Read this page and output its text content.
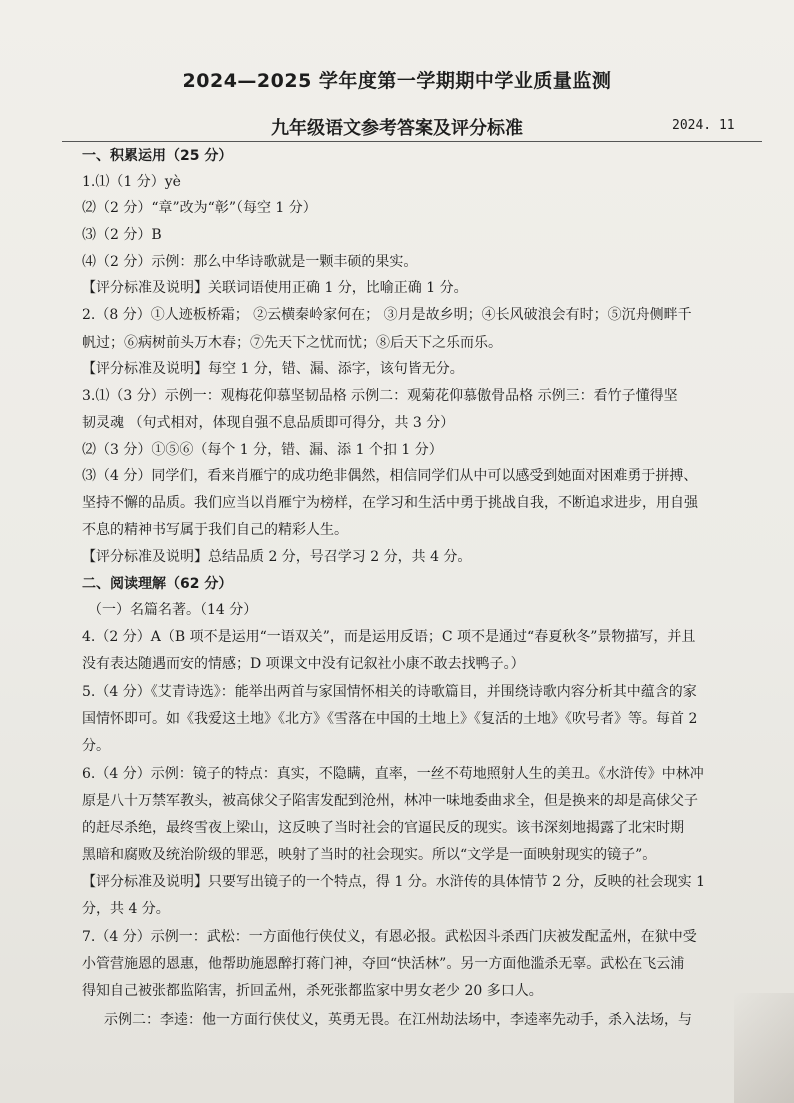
2024—2025 学年度第一学期期中学业质量监测
九年级语文参考答案及评分标准	2024. 11
一、积累运用（25 分）
1.⑴（1 分）yè
⑵（2 分）“章”改为“彰”（每空 1 分）
⑶（2 分）B
⑷（2 分）示例：那么中华诗歌就是一颗丰硕的果实。
【评分标准及说明】关联词语使用正确 1 分，比喻正确 1 分。
2.（8 分）①人迹板桥霜； ②云横秦岭家何在； ③月是故乡明；④长风破浪会有时；⑤沉舟侧畔千
帆过；⑥病树前头万木春；⑦先天下之忧而忧；⑧后天下之乐而乐。
【评分标准及说明】每空 1 分，错、漏、添字，该句皆无分。
3.⑴（3 分）示例一：观梅花仰慕坚韧品格 示例二：观菊花仰慕傲骨品格 示例三：看竹子懂得坚
韧灵魂 （句式相对，体现自强不息品质即可得分，共 3 分）
⑵（3 分）①⑤⑥（每个 1 分，错、漏、添 1 个扣 1 分）
⑶（4 分）同学们，看来肖雁宁的成功绝非偶然，相信同学们从中可以感受到她面对困难勇于拼搏、
坚持不懈的品质。我们应当以肖雁宁为榜样，在学习和生活中勇于挑战自我，不断追求进步，用自强
不息的精神书写属于我们自己的精彩人生。
【评分标准及说明】总结品质 2 分，号召学习 2 分，共 4 分。
二、阅读理解（62 分）
（一）名篇名著。（14 分）
4.（2 分）A（B 项不是运用“一语双关”，而是运用反语；C 项不是通过“春夏秋冬”景物描写，并且
没有表达随遇而安的情感；D 项课文中没有记叙社小康不敢去找鸭子。）
5.（4 分）《艾青诗选》：能举出两首与家国情怀相关的诗歌篇目，并围绕诗歌内容分析其中蕴含的家
国情怀即可。如《我爱这土地》《北方》《雪落在中国的土地上》《复活的土地》《吹号者》等。每首 2
分。
6.（4 分）示例：镜子的特点：真实，不隐瞒，直率，一丝不苟地照射人生的美丑。《水浒传》中林冲
原是八十万禁军教头，被高俅父子陷害发配到沧州，林冲一味地委曲求全，但是换来的却是高俅父子
的赶尽杀绝，最终雪夜上梁山，这反映了当时社会的官逼民反的现实。该书深刻地揭露了北宋时期
黑暗和腐败及统治阶级的罪恶，映射了当时的社会现实。所以“文学是一面映射现实的镜子”。
【评分标准及说明】只要写出镜子的一个特点，得 1 分。水浒传的具体情节 2 分，反映的社会现实 1
分，共 4 分。
7.（4 分）示例一：武松：一方面他行侠仗义，有恩必报。武松因斗杀西门庆被发配孟州，在狱中受
小管营施恩的恩惠，他帮助施恩醉打蒋门神，夺回“快活林”。另一方面他滥杀无辜。武松在飞云浦
得知自己被张都监陷害，折回孟州，杀死张都监家中男女老少 20 多口人。
示例二：李逵：他一方面行侠仗义，英勇无畏。在江州劫法场中，李逵率先动手，杀入法场，与
